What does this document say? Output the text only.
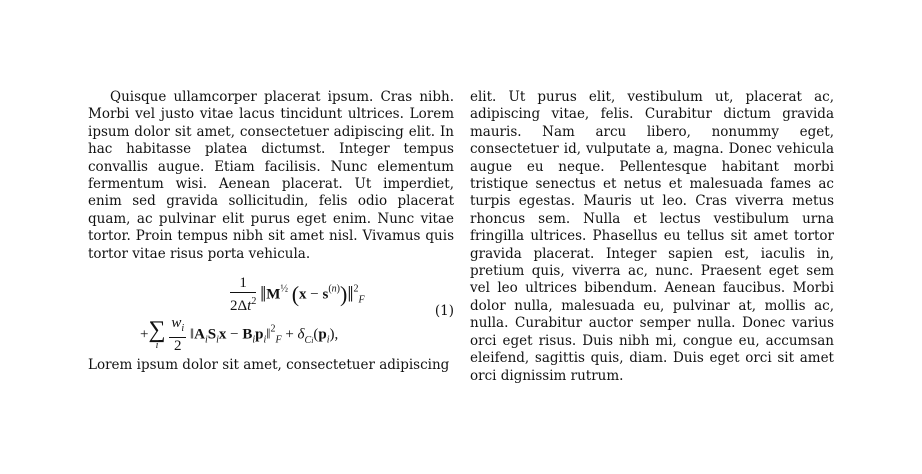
Quisque ullamcorper placerat ipsum. Cras nibh. Morbi vel justo vitae lacus tincidunt ultrices. Lorem ipsum dolor sit amet, consectetuer adipiscing elit. In hac habitasse platea dictumst. Integer tempus convallis augue. Etiam facilisis. Nunc elementum fermentum wisi. Aenean placerat. Ut imperdiet, enim sed gravida sollicitudin, felis odio placerat quam, ac pulvinar elit purus eget enim. Nunc vitae tortor. Proin tempus nibh sit amet nisl. Vivamus quis tortor vitae risus porta vehicula.

$\frac{1}{2\Delta t^2}$ $‖M^{\frac{1}{2}}$ $(x - s^{(n)})‖^2_F$
+ ∑
i
$\frac{w_i}{2}$ $‖A_iS_ix$ − $B_ip_i‖^2_F + \delta_{Ci}(p_i)$,
(1)

Lorem ipsum dolor sit amet, consectetuer adipiscing

elit. Ut purus elit, vestibulum ut, placerat ac, adipiscing vitae, felis. Curabitur dictum gravida mauris. Nam arcu libero, nonummy eget, consectetuer id, vulputate a, magna. Donec vehicula augue eu neque. Pellentesque habitant morbi tristique senectus et netus et malesuada fames ac turpis egestas. Mauris ut leo. Cras viverra metus rhoncus sem. Nulla et lectus vestibulum urna fringilla ultrices. Phasellus eu tellus sit amet tortor gravida placerat. Integer sapien est, iaculis in, pretium quis, viverra ac, nunc. Praesent eget sem vel leo ultrices bibendum. Aenean faucibus. Morbi dolor nulla, malesuada eu, pulvinar at, mollis ac, nulla. Curabitur auctor semper nulla. Donec varius orci eget risus. Duis nibh mi, congue eu, accumsan eleifend, sagittis quis, diam. Duis eget orci sit amet orci dignissim rutrum.
